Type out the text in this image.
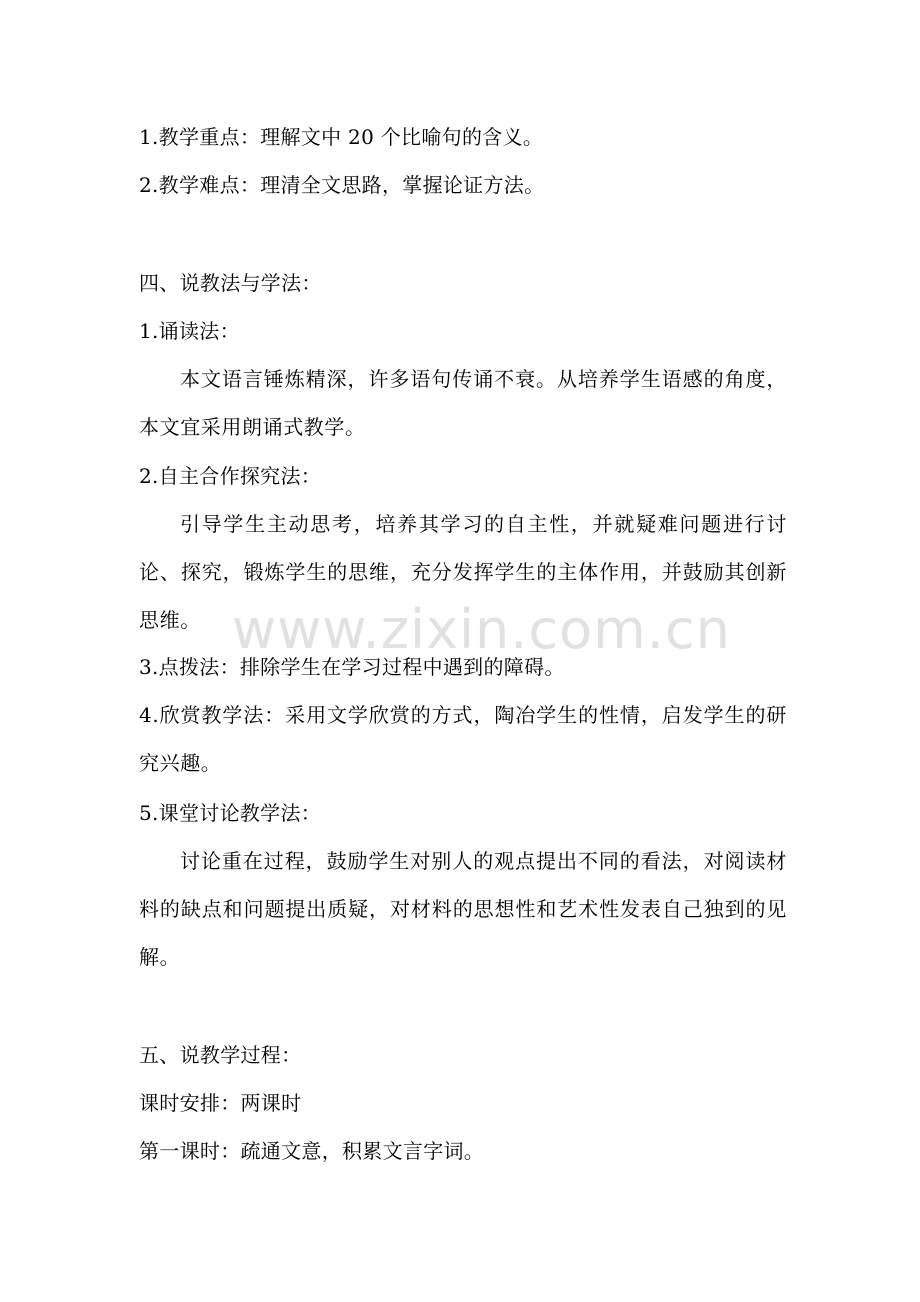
1.教学重点：理解文中 20 个比喻句的含义。
2.教学难点：理清全文思路，掌握论证方法。
四、说教法与学法：
1.诵读法：
本文语言锤炼精深，许多语句传诵不衰。从培养学生语感的角度，本文宜采用朗诵式教学。
2.自主合作探究法：
引导学生主动思考，培养其学习的自主性，并就疑难问题进行讨论、探究，锻炼学生的思维，充分发挥学生的主体作用，并鼓励其创新思维。
3.点拨法：排除学生在学习过程中遇到的障碍。
4.欣赏教学法：采用文学欣赏的方式，陶冶学生的性情，启发学生的研究兴趣。
5.课堂讨论教学法：
讨论重在过程，鼓励学生对别人的观点提出不同的看法，对阅读材料的缺点和问题提出质疑，对材料的思想性和艺术性发表自己独到的见解。
五、说教学过程：
课时安排：两课时
第一课时：疏通文意，积累文言字词。
www.zixin.com.cn
